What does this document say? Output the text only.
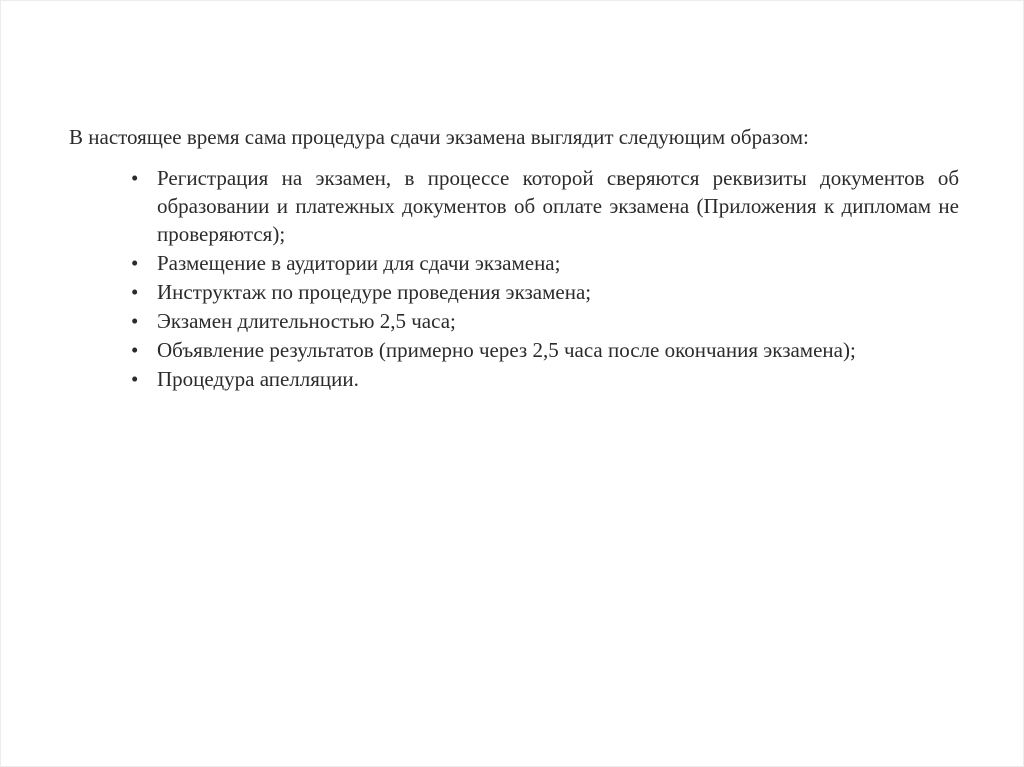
В настоящее время сама процедура сдачи экзамена выглядит следующим образом:

• Регистрация на экзамен, в процессе которой сверяются реквизиты документов об образовании и платежных документов об оплате экзамена (Приложения к дипломам не проверяются);
• Размещение в аудитории для сдачи экзамена;
• Инструктаж по процедуре проведения экзамена;
• Экзамен длительностью 2,5 часа;
• Объявление результатов (примерно через 2,5 часа после окончания экзамена);
• Процедура апелляции.
